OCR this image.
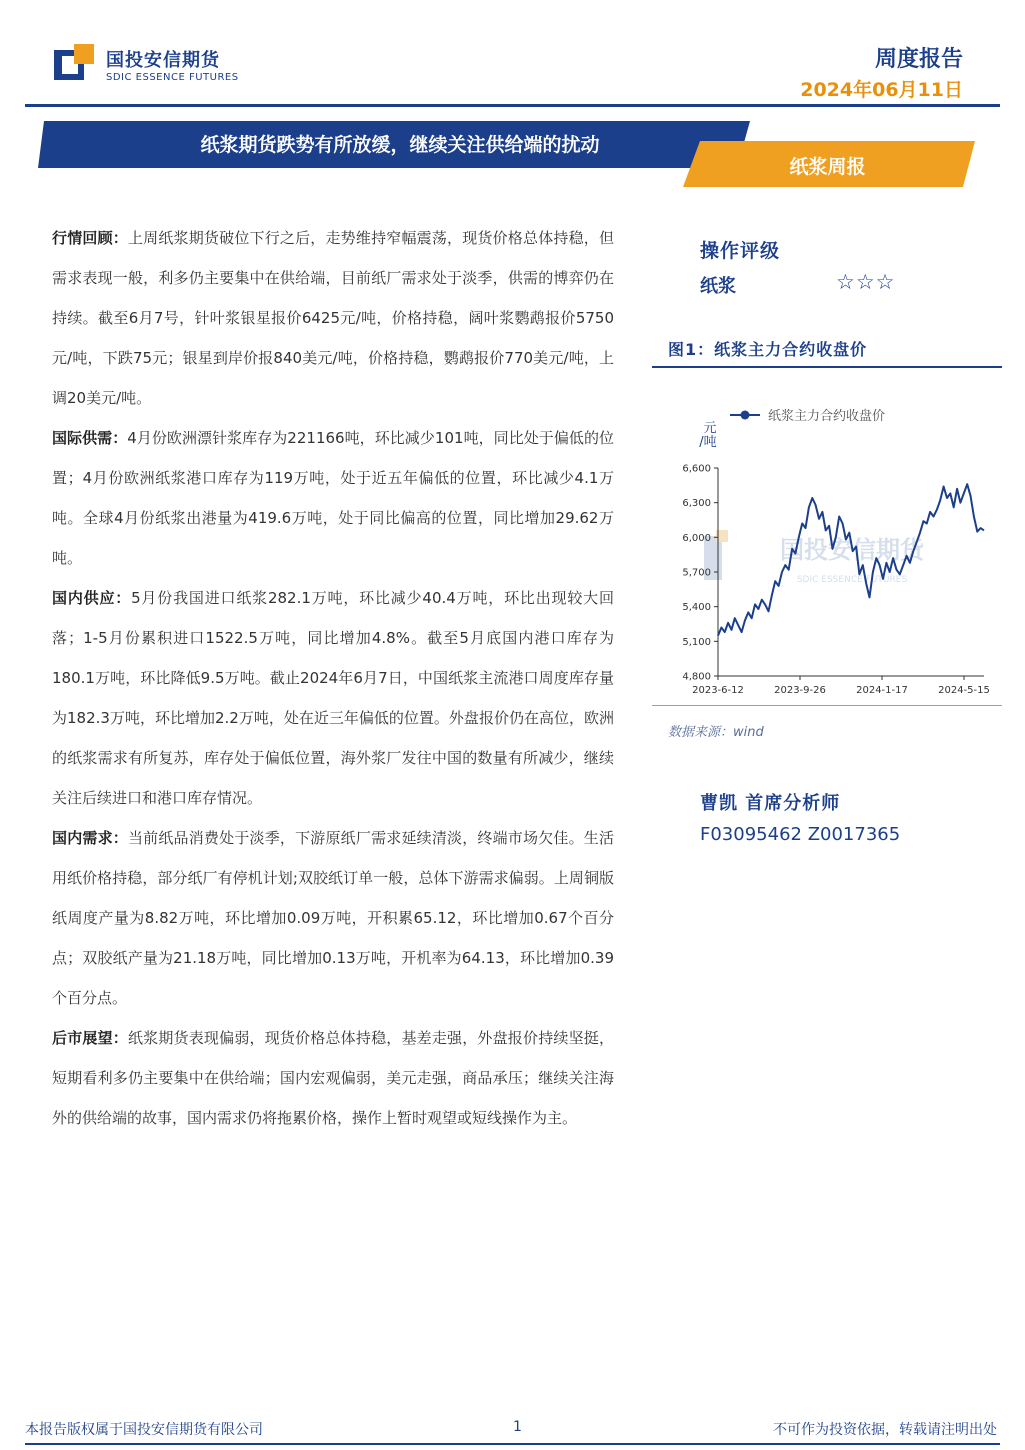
国投安信期货
SDIC ESSENCE FUTURES
周度报告
2024年06月11日
纸浆期货跌势有所放缓，继续关注供给端的扰动
纸浆周报

行情回顾：上周纸浆期货破位下行之后，走势维持窄幅震荡，现货价格总体持稳，但需求表现一般，利多仍主要集中在供给端，目前纸厂需求处于淡季，供需的博弈仍在持续。截至6月7号，针叶浆银星报价6425元/吨，价格持稳，阔叶浆鹦鹉报价5750元/吨，下跌75元；银星到岸价报840美元/吨，价格持稳，鹦鹉报价770美元/吨，上调20美元/吨。

国际供需：4月份欧洲漂针浆库存为221166吨，环比减少101吨，同比处于偏低的位置；4月份欧洲纸浆港口库存为119万吨，处于近五年偏低的位置，环比减少4.1万吨。全球4月份纸浆出港量为419.6万吨，处于同比偏高的位置，同比增加29.62万吨。

国内供应：5月份我国进口纸浆282.1万吨，环比减少40.4万吨，环比出现较大回落；1-5月份累积进口1522.5万吨，同比增加4.8%。截至5月底国内港口库存为180.1万吨，环比降低9.5万吨。截止2024年6月7日，中国纸浆主流港口周度库存量为182.3万吨，环比增加2.2万吨，处在近三年偏低的位置。外盘报价仍在高位，欧洲的纸浆需求有所复苏，库存处于偏低位置，海外浆厂发往中国的数量有所减少，继续关注后续进口和港口库存情况。

国内需求：当前纸品消费处于淡季，下游原纸厂需求延续清淡，终端市场欠佳。生活用纸价格持稳，部分纸厂有停机计划;双胶纸订单一般，总体下游需求偏弱。上周铜版纸周度产量为8.82万吨，环比增加0.09万吨，开积累65.12，环比增加0.67个百分点；双胶纸产量为21.18万吨，同比增加0.13万吨，开机率为64.13，环比增加0.39个百分点。

后市展望：纸浆期货表现偏弱，现货价格总体持稳，基差走强，外盘报价持续坚挺，短期看利多仍主要集中在供给端；国内宏观偏弱，美元走强，商品承压；继续关注海外的供给端的故事，国内需求仍将拖累价格，操作上暂时观望或短线操作为主。

操作评级
纸浆	☆☆☆
图1：纸浆主力合约收盘价
国投安信期货
SDIC ESSENCE FUTURES
4,800
5,100
5,400
5,700
6,000
6,300
6,600
元
/吨
2023-6-12	2023-9-26	2024-1-17	2024-5-15
纸浆主力合约收盘价
数据来源：wind
曹凯 首席分析师
F03095462 Z0017365
本报告版权属于国投安信期货有限公司	1	不可作为投资依据，转载请注明出处
